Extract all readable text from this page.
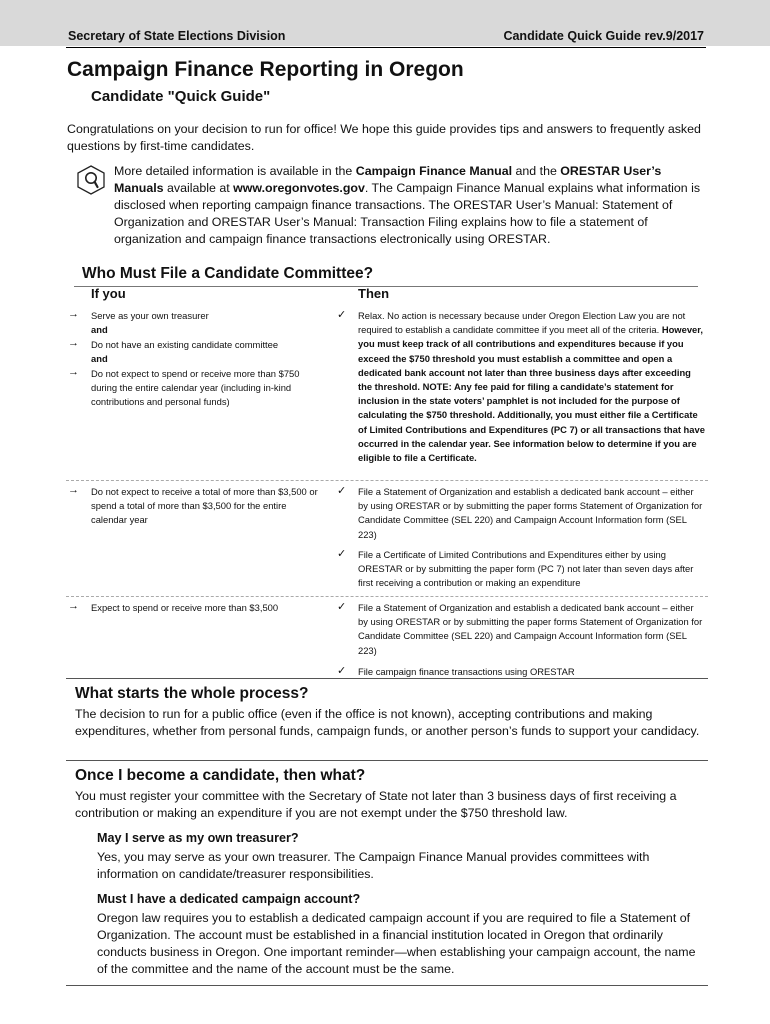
Secretary of State Elections Division	Candidate Quick Guide rev.9/2017
Campaign Finance Reporting in Oregon
Candidate "Quick Guide"
Congratulations on your decision to run for office! We hope this guide provides tips and answers to frequently asked questions by first-time candidates.
More detailed information is available in the Campaign Finance Manual and the ORESTAR User’s Manuals available at www.oregonvotes.gov. The Campaign Finance Manual explains what information is disclosed when reporting campaign finance transactions. The ORESTAR User’s Manual: Statement of Organization and ORESTAR User’s Manual: Transaction Filing explains how to file a statement of organization and campaign finance transactions electronically using ORESTAR.
Who Must File a Candidate Committee?
If you	Then
→ Serve as your own treasurer
and
→ Do not have an existing candidate committee
and
→ Do not expect to spend or receive more than $750 during the entire calendar year (including in-kind contributions and personal funds)
✓ Relax. No action is necessary because under Oregon Election Law you are not required to establish a candidate committee if you meet all of the criteria. However, you must keep track of all contributions and expenditures because if you exceed the $750 threshold you must establish a committee and open a dedicated bank account not later than three business days after exceeding the threshold. NOTE: Any fee paid for filing a candidate’s statement for inclusion in the state voters’ pamphlet is not included for the purpose of calculating the $750 threshold. Additionally, you must either file a Certificate of Limited Contributions and Expenditures (PC 7) or all transactions that have occurred in the calendar year. See information below to determine if you are eligible to file a Certificate.
→ Do not expect to receive a total of more than $3,500 or spend a total of more than $3,500 for the entire calendar year
✓ File a Statement of Organization and establish a dedicated bank account – either by using ORESTAR or by submitting the paper forms Statement of Organization for Candidate Committee (SEL 220) and Campaign Account Information form (SEL 223)
✓ File a Certificate of Limited Contributions and Expenditures either by using ORESTAR or by submitting the paper form (PC 7) not later than seven days after first receiving a contribution or making an expenditure
→ Expect to spend or receive more than $3,500	✓ File a Statement of Organization and establish a dedicated bank account – either by using ORESTAR or by submitting the paper forms Statement of Organization for Candidate Committee (SEL 220) and Campaign Account Information form (SEL 223)
✓ File campaign finance transactions using ORESTAR
What starts the whole process?
The decision to run for a public office (even if the office is not known), accepting contributions and making expenditures, whether from personal funds, campaign funds, or another person’s funds to support your candidacy.
Once I become a candidate, then what?
You must register your committee with the Secretary of State not later than 3 business days of first receiving a contribution or making an expenditure if you are not exempt under the $750 threshold law.
May I serve as my own treasurer?
Yes, you may serve as your own treasurer. The Campaign Finance Manual provides committees with information on candidate/treasurer responsibilities.
Must I have a dedicated campaign account?
Oregon law requires you to establish a dedicated campaign account if you are required to file a Statement of Organization. The account must be established in a financial institution located in Oregon that ordinarily conducts business in Oregon. One important reminder—when establishing your campaign account, the name of the committee and the name of the account must be the same.
